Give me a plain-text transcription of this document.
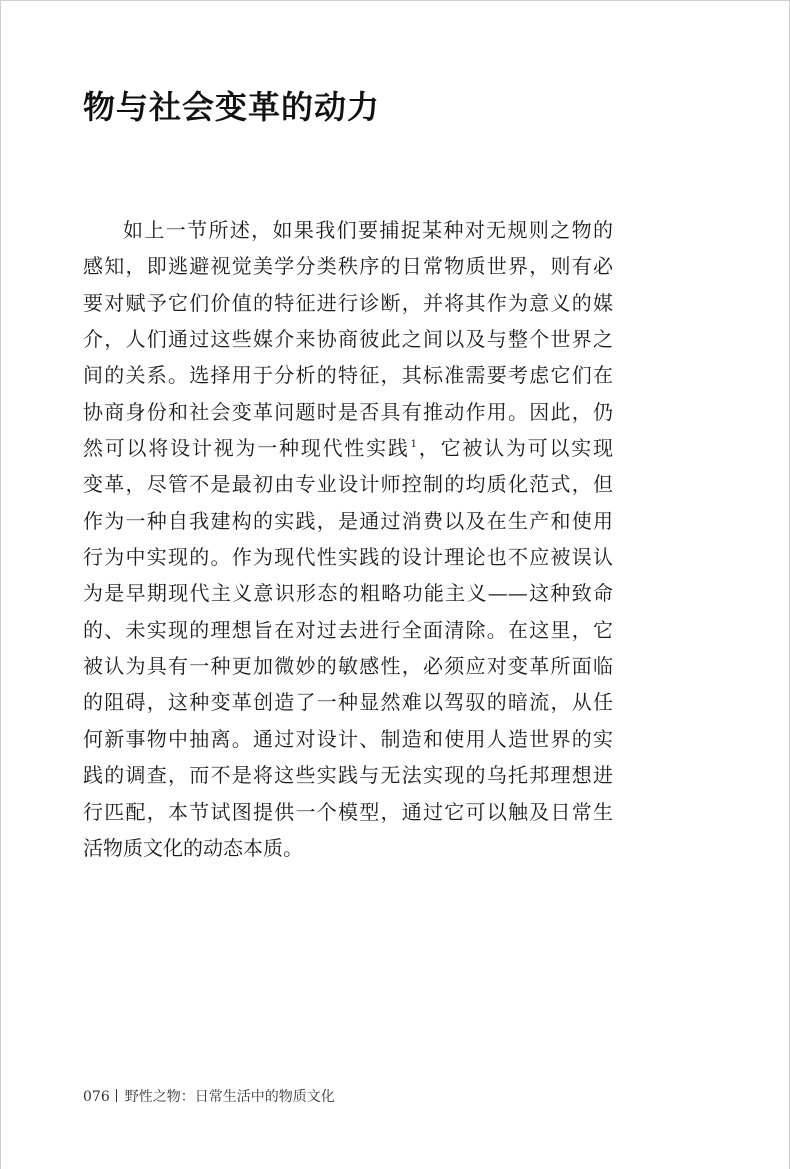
物与社会变革的动力
如上一节所述，如果我们要捕捉某种对无规则之物的
感知，即逃避视觉美学分类秩序的日常物质世界，则有必
要对赋予它们价值的特征进行诊断，并将其作为意义的媒
介，人们通过这些媒介来协商彼此之间以及与整个世界之
间的关系。选择用于分析的特征，其标准需要考虑它们在
协商身份和社会变革问题时是否具有推动作用。因此，仍
然可以将设计视为一种现代性实践$^1$，它被认为可以实现
变革，尽管不是最初由专业设计师控制的均质化范式，但
作为一种自我建构的实践，是通过消费以及在生产和使用
行为中实现的。作为现代性实践的设计理论也不应被误认
为是早期现代主义意识形态的粗略功能主义——这种致命
的、未实现的理想旨在对过去进行全面清除。在这里，它
被认为具有一种更加微妙的敏感性，必须应对变革所面临
的阻碍，这种变革创造了一种显然难以驾驭的暗流，从任
何新事物中抽离。通过对设计、制造和使用人造世界的实
践的调查，而不是将这些实践与无法实现的乌托邦理想进
行匹配，本节试图提供一个模型，通过它可以触及日常生
活物质文化的动态本质。
076 野性之物：日常生活中的物质文化
